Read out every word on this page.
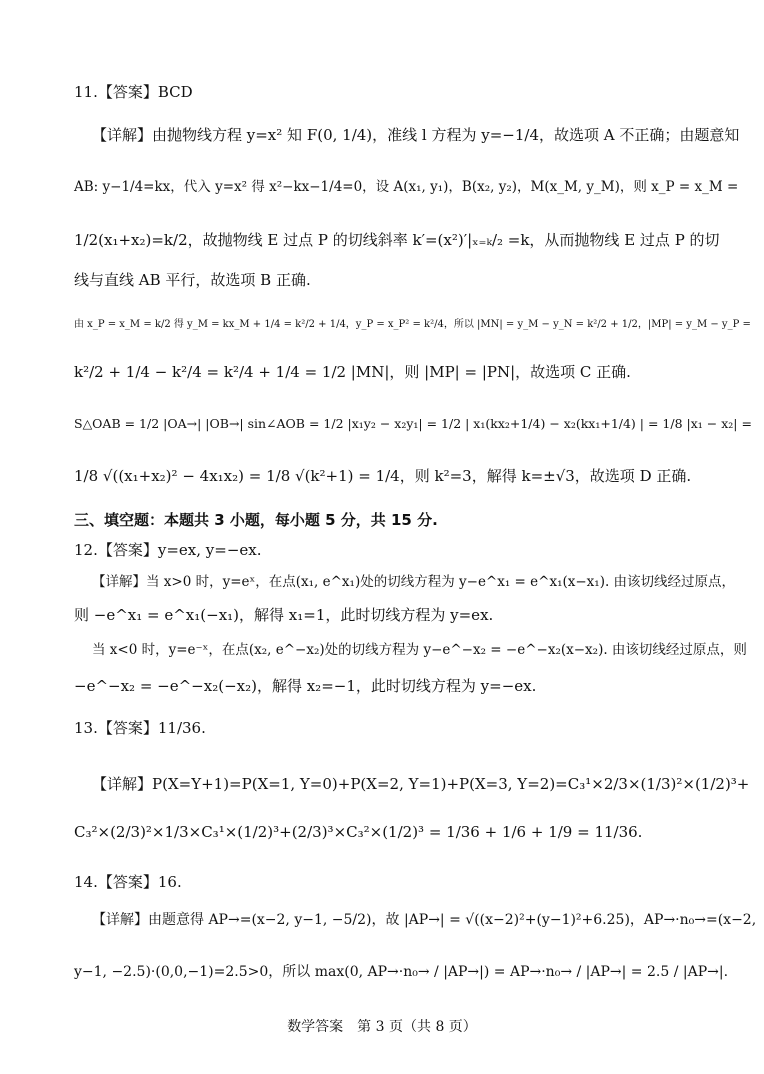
11.【答案】BCD
【详解】由抛物线方程 y=x² 知 F(0, 1/4)，准线 l 方程为 y=−1/4，故选项 A 不正确；由题意知
AB: y−1/4=kx，代入 y=x² 得 x²−kx−1/4=0，设 A(x₁, y₁)，B(x₂, y₂)，M(x_M, y_M)，则 x_P = x_M =
1/2(x₁+x₂)=k/2，故抛物线 E 过点 P 的切线斜率 k′=(x²)′|ₓ₌ₖ/₂ =k，从而抛物线 E 过点 P 的切
线与直线 AB 平行，故选项 B 正确.
由 x_P = x_M = k/2 得 y_M = kx_M + 1/4 = k²/2 + 1/4，y_P = x_P² = k²/4，所以 |MN| = y_M − y_N = k²/2 + 1/2，|MP| = y_M − y_P =
k²/2 + 1/4 − k²/4 = k²/4 + 1/4 = 1/2 |MN|，则 |MP| = |PN|，故选项 C 正确.
S△OAB = 1/2 |OA→| |OB→| sin∠AOB = 1/2 |x₁y₂ − x₂y₁| = 1/2 | x₁(kx₂+1/4) − x₂(kx₁+1/4) | = 1/8 |x₁ − x₂| =
1/8 √((x₁+x₂)² − 4x₁x₂) = 1/8 √(k²+1) = 1/4，则 k²=3，解得 k=±√3，故选项 D 正确.
三、填空题：本题共 3 小题，每小题 5 分，共 15 分.
12.【答案】y=ex, y=−ex.
【详解】当 x>0 时，y=eˣ，在点(x₁, e^x₁)处的切线方程为 y−e^x₁ = e^x₁(x−x₁). 由该切线经过原点，
则 −e^x₁ = e^x₁(−x₁)，解得 x₁=1，此时切线方程为 y=ex.
当 x<0 时，y=e⁻ˣ，在点(x₂, e^−x₂)处的切线方程为 y−e^−x₂ = −e^−x₂(x−x₂). 由该切线经过原点，则
−e^−x₂ = −e^−x₂(−x₂)，解得 x₂=−1，此时切线方程为 y=−ex.
13.【答案】11/36.
【详解】P(X=Y+1)=P(X=1, Y=0)+P(X=2, Y=1)+P(X=3, Y=2)=C₃¹×2/3×(1/3)²×(1/2)³+
C₃²×(2/3)²×1/3×C₃¹×(1/2)³+(2/3)³×C₃²×(1/2)³ = 1/36 + 1/6 + 1/9 = 11/36.
14.【答案】16.
【详解】由题意得 AP→=(x−2, y−1, −5/2)，故 |AP→| = √((x−2)²+(y−1)²+6.25)，AP→·n₀→=(x−2,
y−1, −2.5)·(0,0,−1)=2.5>0，所以 max(0, AP→·n₀→ / |AP→|) = AP→·n₀→ / |AP→| = 2.5 / |AP→|.
数学答案　第 3 页（共 8 页）
